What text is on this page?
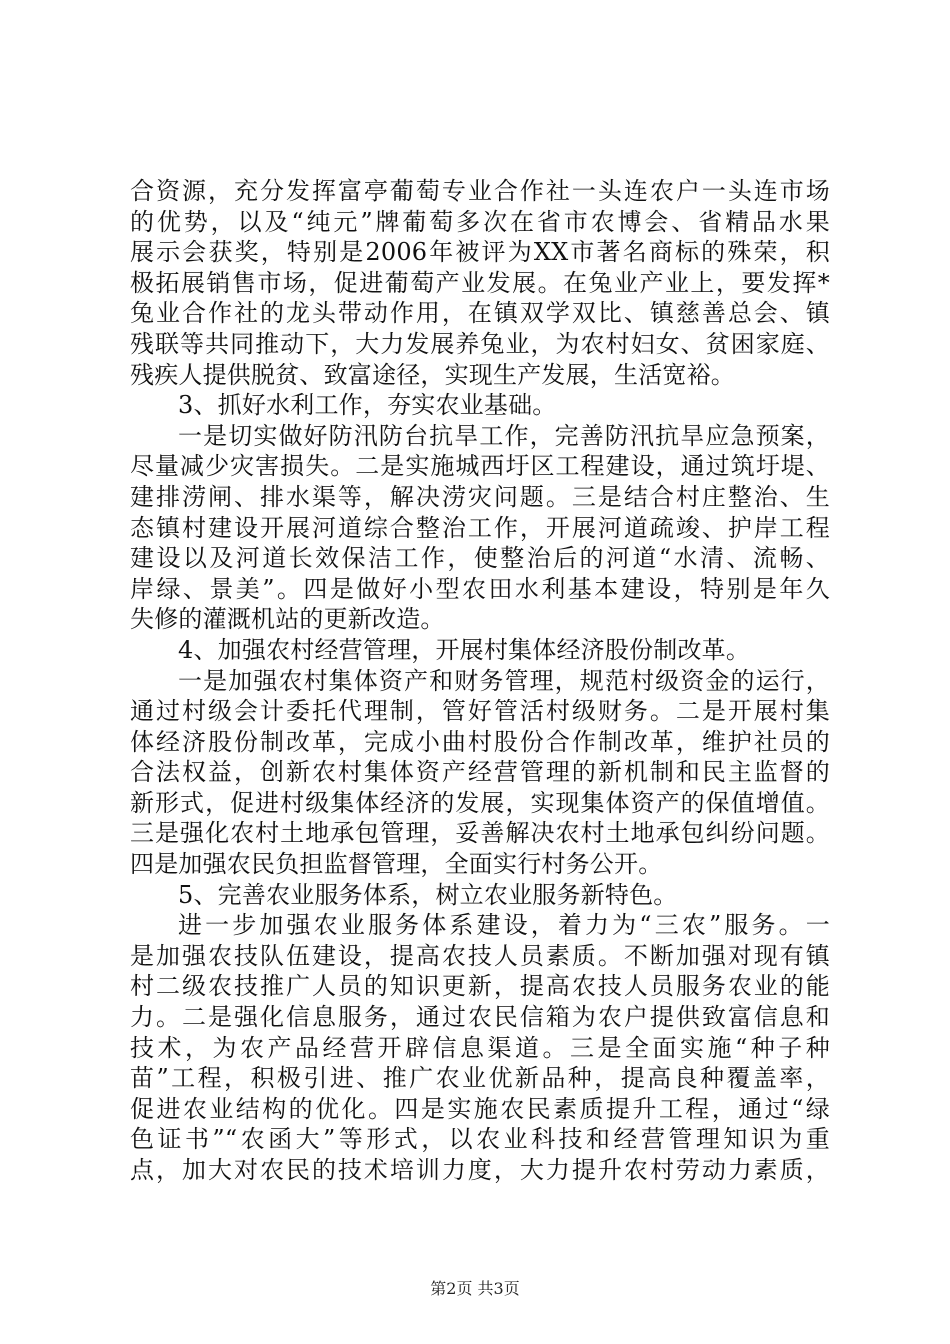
合资源，充分发挥富亭葡萄专业合作社一头连农户一头连市场
的优势，以及“纯元”牌葡萄多次在省市农博会、省精品水果
展示会获奖，特别是2006年被评为XX市著名商标的殊荣，积
极拓展销售市场，促进葡萄产业发展。在兔业产业上，要发挥*
兔业合作社的龙头带动作用，在镇双学双比、镇慈善总会、镇
残联等共同推动下，大力发展养兔业，为农村妇女、贫困家庭、
残疾人提供脱贫、致富途径，实现生产发展，生活宽裕。
3、抓好水利工作，夯实农业基础。
一是切实做好防汛防台抗旱工作，完善防汛抗旱应急预案，
尽量减少灾害损失。二是实施城西圩区工程建设，通过筑圩堤、
建排涝闸、排水渠等，解决涝灾问题。三是结合村庄整治、生
态镇村建设开展河道综合整治工作，开展河道疏竣、护岸工程
建设以及河道长效保洁工作，使整治后的河道“水清、流畅、
岸绿、景美”。四是做好小型农田水利基本建设，特别是年久
失修的灌溉机站的更新改造。
4、加强农村经营管理，开展村集体经济股份制改革。
一是加强农村集体资产和财务管理，规范村级资金的运行，
通过村级会计委托代理制，管好管活村级财务。二是开展村集
体经济股份制改革，完成小曲村股份合作制改革，维护社员的
合法权益，创新农村集体资产经营管理的新机制和民主监督的
新形式，促进村级集体经济的发展，实现集体资产的保值增值。
三是强化农村土地承包管理，妥善解决农村土地承包纠纷问题。
四是加强农民负担监督管理，全面实行村务公开。
5、完善农业服务体系，树立农业服务新特色。
进一步加强农业服务体系建设，着力为“三农”服务。一
是加强农技队伍建设，提高农技人员素质。不断加强对现有镇
村二级农技推广人员的知识更新，提高农技人员服务农业的能
力。二是强化信息服务，通过农民信箱为农户提供致富信息和
技术，为农产品经营开辟信息渠道。三是全面实施“种子种
苗”工程，积极引进、推广农业优新品种，提高良种覆盖率，
促进农业结构的优化。四是实施农民素质提升工程，通过“绿
色证书”“农函大”等形式，以农业科技和经营管理知识为重
点，加大对农民的技术培训力度，大力提升农村劳动力素质，
第2页 共3页
